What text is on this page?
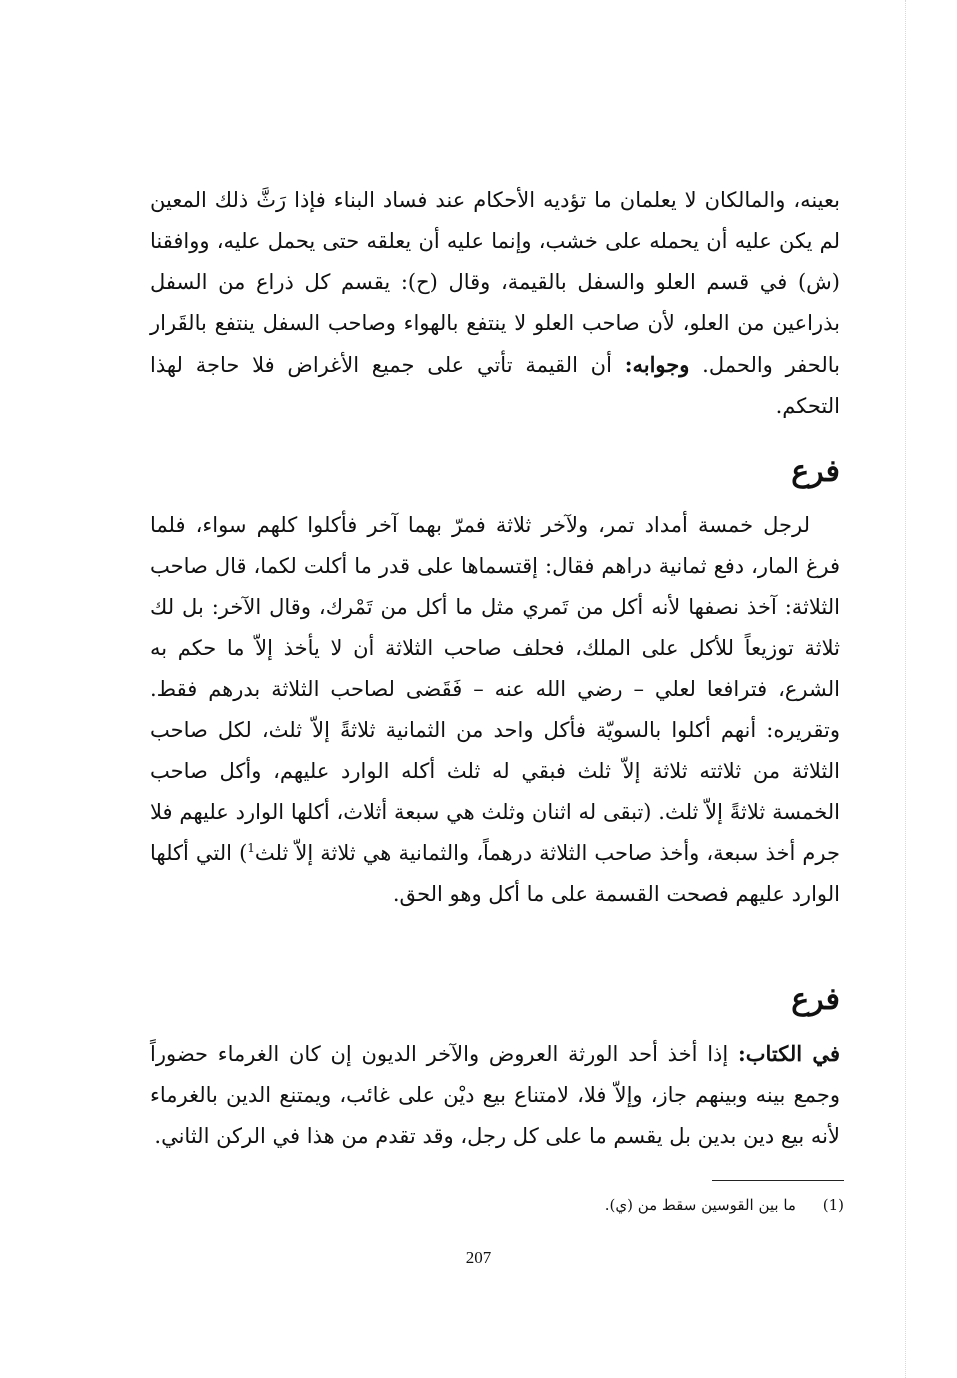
بعينه، والمالكان لا يعلمان ما تؤديه الأحكام عند فساد البناء فإذا رَثَّ ذلك المعين لم يكن عليه أن يحمله على خشب، وإنما عليه أن يعلقه حتى يحمل عليه، ووافقنا (ش) في قسم العلو والسفل بالقيمة، وقال (ح): يقسم كل ذراع من السفل بذراعين من العلو، لأن صاحب العلو لا ينتفع بالهواء وصاحب السفل ينتفع بالقَرار بالحفر والحمل. وجوابه: أن القيمة تأتي على جميع الأغراض فلا حاجة لهذا التحكم.

فرع

لرجل خمسة أمداد تمر، ولآخر ثلاثة فمرّ بهما آخر فأكلوا كلهم سواء، فلما فرغ المار، دفع ثمانية دراهم فقال: إقتسماها على قدر ما أكلت لكما، قال صاحب الثلاثة: آخذ نصفها لأنه أكل من تَمري مثل ما أكل من تَمْرك، وقال الآخر: بل لك ثلاثة توزيعاً للأكل على الملك، فحلف صاحب الثلاثة أن لا يأخذ إلاّ ما حكم به الشرع، فترافعا لعلي – رضي الله عنه – فَقَضى لصاحب الثلاثة بدرهم فقط. وتقريره: أنهم أكلوا بالسويّة فأكل واحد من الثمانية ثلاثةً إلاّ ثلث، لكل صاحب الثلاثة من ثلاثته ثلاثة إلاّ ثلث فبقي له ثلث أكله الوارد عليهم، وأكل صاحب الخمسة ثلاثةً إلاّ ثلث. (تبقى له اثنان وثلث هي سبعة أثلاث، أكلها الوارد عليهم فلا جرم أخذ سبعة، وأخذ صاحب الثلاثة درهماً، والثمانية هي ثلاثة إلاّ ثلث$^1$) التي أكلها الوارد عليهم فصحت القسمة على ما أكل وهو الحق.

فرع

في الكتاب: إذا أخذ أحد الورثة العروض والآخر الديون إن كان الغرماء حضوراً وجمع بينه وبينهم جاز، وإلاّ فلا، لامتناع بيع ديْن على غائب، ويمتنع الدين بالغرماء لأنه بيع دين بدين بل يقسم ما على كل رجل، وقد تقدم من هذا في الركن الثاني.

(1) ما بين القوسين سقط من (ي).
207
